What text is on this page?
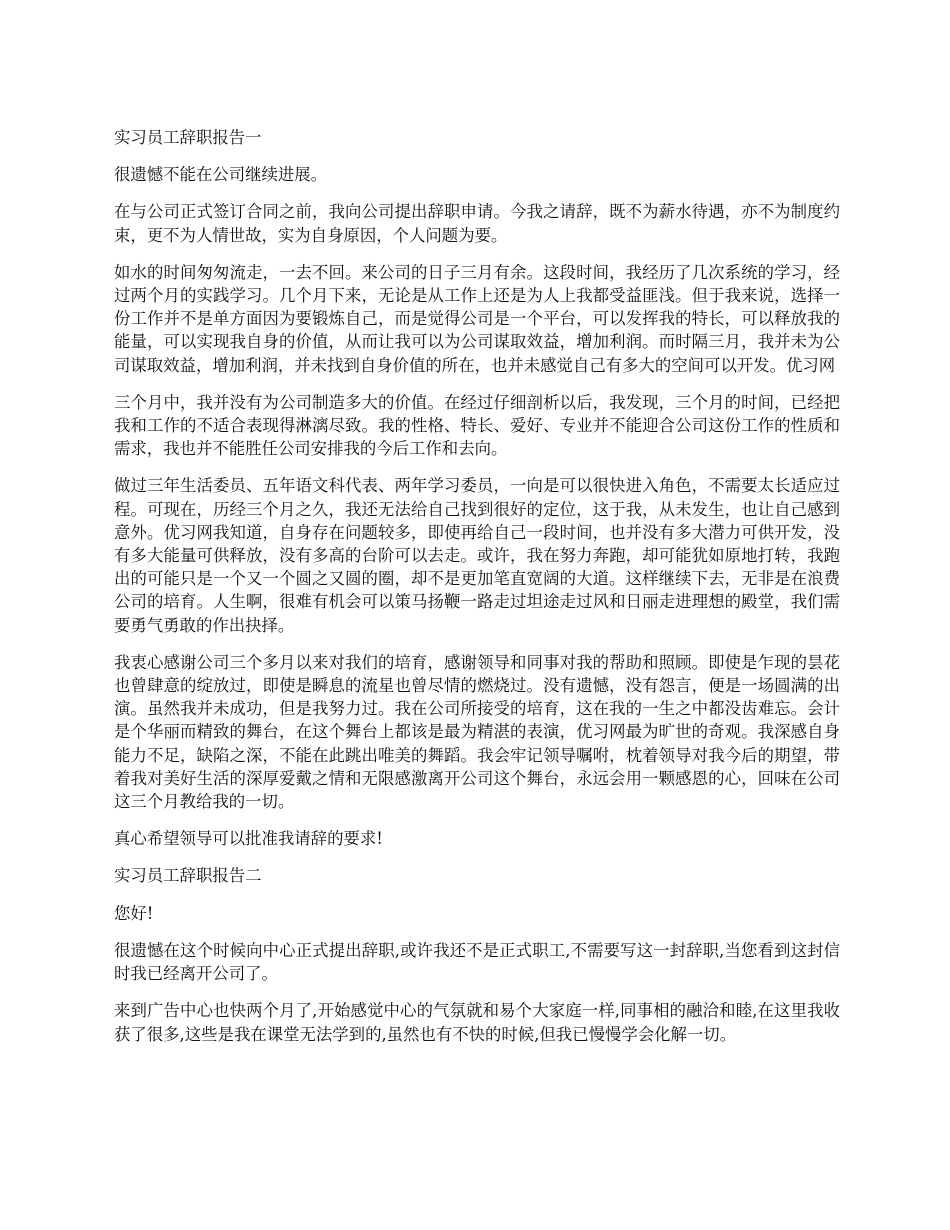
实习员工辞职报告一

很遗憾不能在公司继续进展。

在与公司正式签订合同之前，我向公司提出辞职申请。今我之请辞，既不为薪水待遇，亦不为制度约束，更不为人情世故，实为自身原因，个人问题为要。

如水的时间匆匆流走，一去不回。来公司的日子三月有余。这段时间，我经历了几次系统的学习，经过两个月的实践学习。几个月下来，无论是从工作上还是为人上我都受益匪浅。但于我来说，选择一份工作并不是单方面因为要锻炼自己，而是觉得公司是一个平台，可以发挥我的特长，可以释放我的能量，可以实现我自身的价值，从而让我可以为公司谋取效益，增加利润。而时隔三月，我并未为公司谋取效益，增加利润，并未找到自身价值的所在，也并未感觉自己有多大的空间可以开发。优习网

三个月中，我并没有为公司制造多大的价值。在经过仔细剖析以后，我发现，三个月的时间，已经把我和工作的不适合表现得淋漓尽致。我的性格、特长、爱好、专业并不能迎合公司这份工作的性质和需求，我也并不能胜任公司安排我的今后工作和去向。

做过三年生活委员、五年语文科代表、两年学习委员，一向是可以很快进入角色，不需要太长适应过程。可现在，历经三个月之久，我还无法给自己找到很好的定位，这于我，从未发生，也让自己感到意外。优习网我知道，自身存在问题较多，即使再给自己一段时间，也并没有多大潜力可供开发，没有多大能量可供释放，没有多高的台阶可以去走。或许，我在努力奔跑，却可能犹如原地打转，我跑出的可能只是一个又一个圆之又圆的圈，却不是更加笔直宽阔的大道。这样继续下去，无非是在浪费公司的培育。人生啊，很难有机会可以策马扬鞭一路走过坦途走过风和日丽走进理想的殿堂，我们需要勇气勇敢的作出抉择。

我衷心感谢公司三个多月以来对我们的培育，感谢领导和同事对我的帮助和照顾。即使是乍现的昙花也曾肆意的绽放过，即使是瞬息的流星也曾尽情的燃烧过。没有遗憾，没有怨言，便是一场圆满的出演。虽然我并未成功，但是我努力过。我在公司所接受的培育，这在我的一生之中都没齿难忘。会计是个华丽而精致的舞台，在这个舞台上都该是最为精湛的表演，优习网最为旷世的奇观。我深感自身能力不足，缺陷之深，不能在此跳出唯美的舞蹈。我会牢记领导嘱咐，枕着领导对我今后的期望，带着我对美好生活的深厚爱戴之情和无限感激离开公司这个舞台，永远会用一颗感恩的心，回味在公司这三个月教给我的一切。

真心希望领导可以批准我请辞的要求!

实习员工辞职报告二

您好!

很遗憾在这个时候向中心正式提出辞职,或许我还不是正式职工,不需要写这一封辞职,当您看到这封信时我已经离开公司了。

来到广告中心也快两个月了,开始感觉中心的气氛就和易个大家庭一样,同事相的融洽和睦,在这里我收获了很多,这些是我在课堂无法学到的,虽然也有不快的时候,但我已慢慢学会化解一切。
